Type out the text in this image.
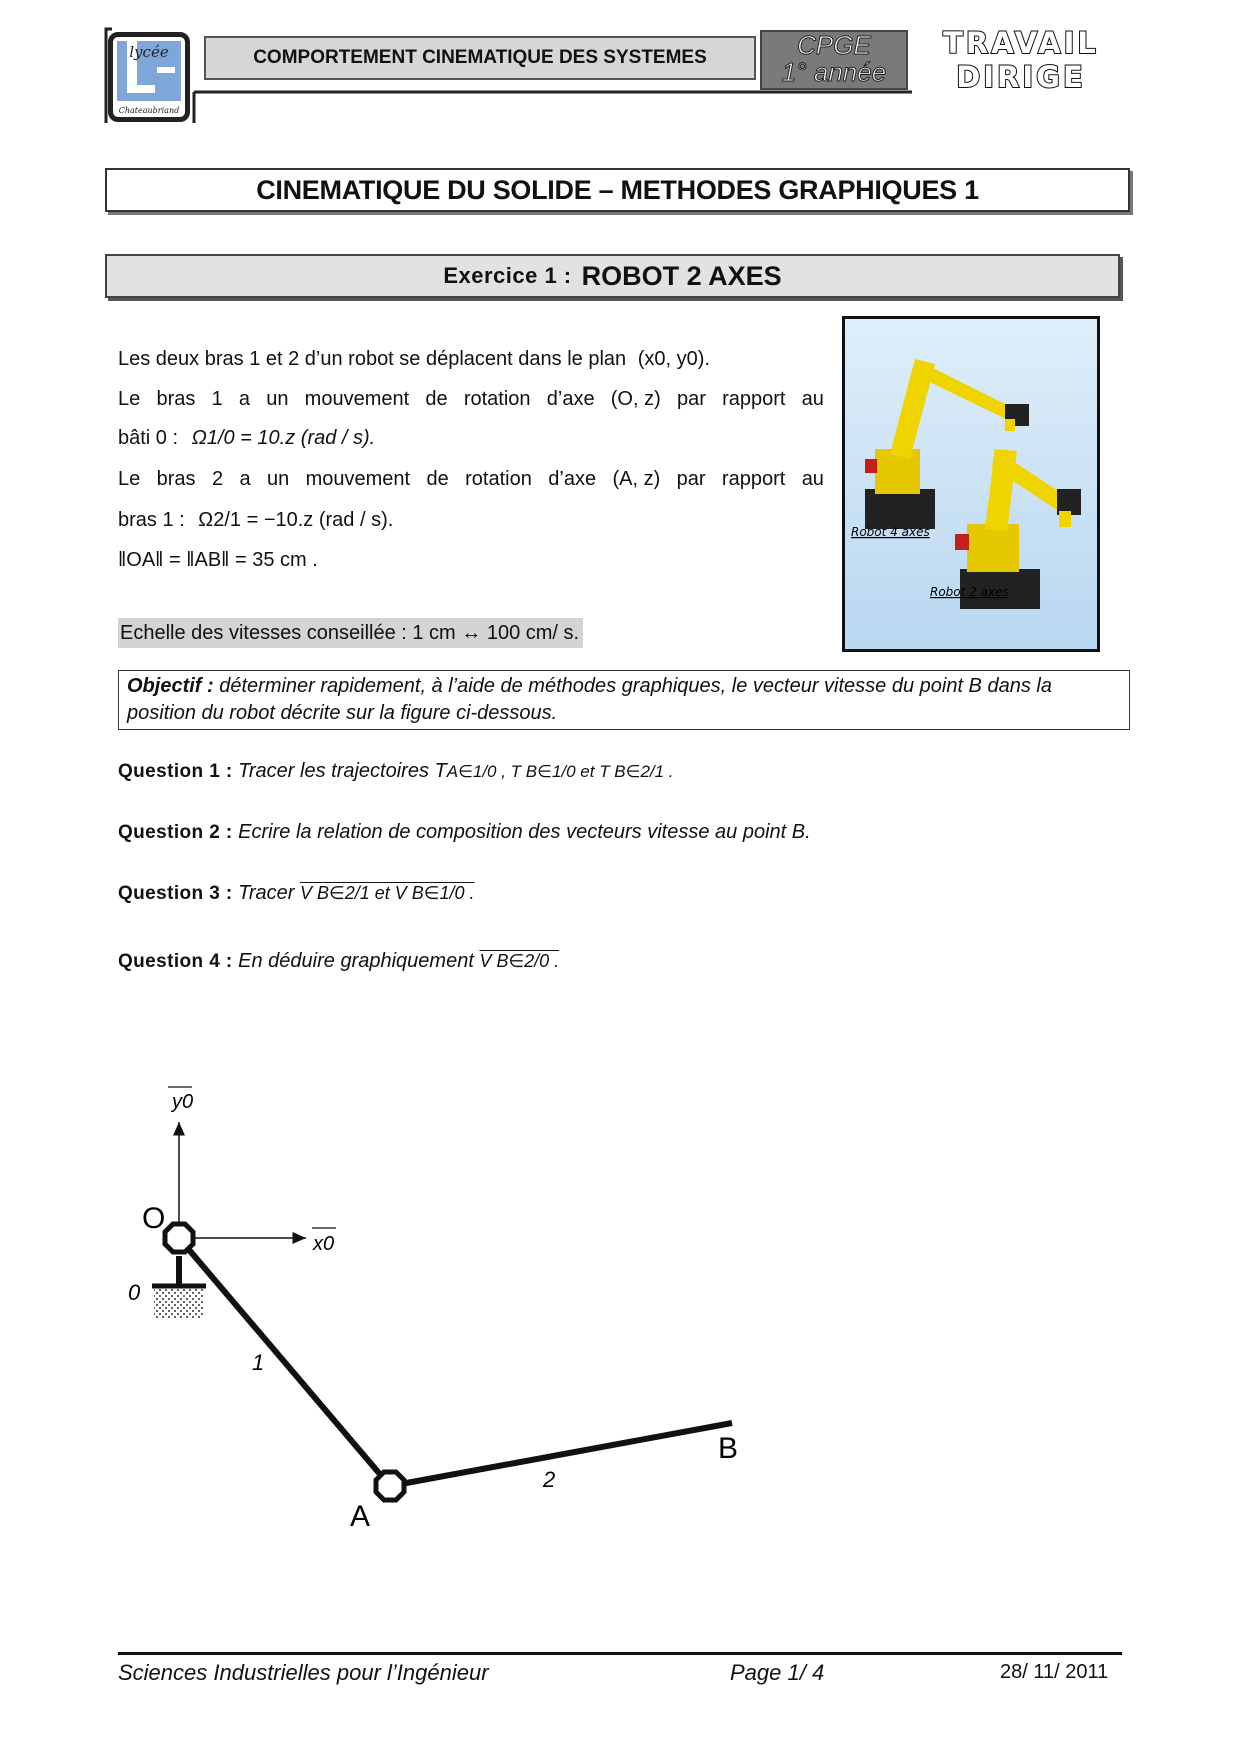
lycée
Chateaubriand
COMPORTEMENT CINEMATIQUE DES SYSTEMES	CPGE
1° année
TRAVAIL
DIRIGE
CINEMATIQUE DU SOLIDE – METHODES GRAPHIQUES 1
Exercice 1 : ROBOT 2 AXES
Les deux bras 1 et 2 d’un robot se déplacent dans le plan (x0, y0).
Le bras 1 a un mouvement de rotation d’axe (O, z) par rapport au
bâti 0 : Ω1/0 = 10.z (rad / s).
Le bras 2 a un mouvement de rotation d’axe (A, z) par rapport au
bras 1 : Ω2/1 = −10.z (rad / s).
‖OA‖ = ‖AB‖ = 35 cm .
Echelle des vitesses conseillée : 1 cm ↔ 100 cm/ s.
Robot 4 axes
Robot 2 axes
Objectif : déterminer rapidement, à l’aide de méthodes graphiques, le vecteur vitesse du point B dans la position du robot décrite sur la figure ci-dessous.
Question 1 : Tracer les trajectoires TA∈1/0 , T B∈1/0 et T B∈2/1 .
Question 2 : Ecrire la relation de composition des vecteurs vitesse au point B.
Question 3 : Tracer V B∈2/1 et V B∈1/0 .
Question 4 : En déduire graphiquement V B∈2/0 .
y0
x0
0
1
2
O
A
B
Sciences Industrielles pour l’Ingénieur	Page 1/ 4	28/ 11/ 2011
